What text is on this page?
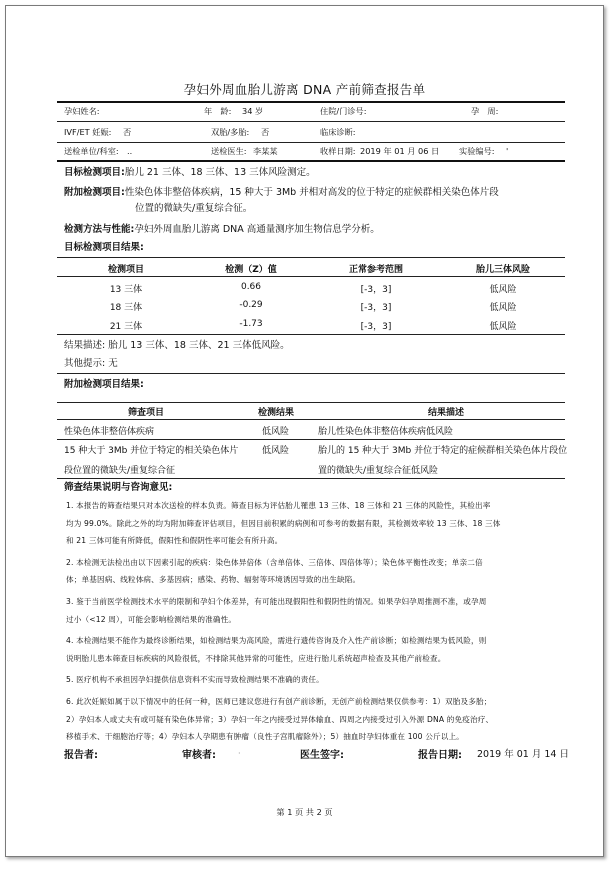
孕妇外周血胎儿游离 DNA 产前筛查报告单
孕妇姓名:	年　龄: 34 岁	住院/门诊号:	孕　周:
IVF/ET 妊娠: 否	双胎/多胎: 否	临床诊断:
送检单位/科室: ..	送检医生: 李某某	收样日期: 2019 年 01 月 06 日 实验编号: '
目标检测项目:胎儿 21 三体、18 三体、13 三体风险测定。
附加检测项目:性染色体非整倍体疾病，15 种大于 3Mb 并相对高发的位于特定的症候群相关染色体片段
位置的微缺失/重复综合征。
检测方法与性能:孕妇外周血胎儿游离 DNA 高通量测序加生物信息学分析。
目标检测项目结果:
检测项目	检测（Z）值	正常参考范围	胎儿三体风险
13 三体	0.66	[-3，3]	低风险
18 三体	-0.29	[-3，3]	低风险
21 三体	-1.73	[-3，3]	低风险
结果描述: 胎儿 13 三体、18 三体、21 三体低风险。
其他提示: 无
附加检测项目结果:
筛查项目	检测结果	结果描述
性染色体非整倍体疾病	低风险	胎儿性染色体非整倍体疾病低风险
15 种大于 3Mb 并位于特定的相关染色体片
段位置的微缺失/重复综合征
低风险	胎儿的 15 种大于 3Mb 并位于特定的症候群相关染色体片段位
置的微缺失/重复综合征低风险
筛查结果说明与咨询意见:

1. 本报告的筛查结果只对本次送检的样本负责。筛查目标为评估胎儿罹患 13 三体、18 三体和 21 三体的风险性，其检出率

均为 99.0%。除此之外的均为附加筛查评估项目，但因目前积累的病例和可参考的数据有限，其检测效率较 13 三体、18 三体

和 21 三体可能有所降低，假阳性和假阴性率可能会有所升高。

2. 本检测无法检出由以下因素引起的疾病：染色体异倍体（含单倍体、三倍体、四倍体等）；染色体平衡性改变；单亲二倍

体；单基因病、线粒体病、多基因病；感染、药物、辐射等环境诱因导致的出生缺陷。

3. 鉴于当前医学检测技术水平的限制和孕妇个体差异，有可能出现假阳性和假阴性的情况。如果孕妇孕周推测不准，或孕周

过小（<12 周），可能会影响检测结果的准确性。

4. 本检测结果不能作为最终诊断结果，如检测结果为高风险，需进行遗传咨询及介入性产前诊断；如检测结果为低风险，则

说明胎儿患本筛查目标疾病的风险很低，不排除其他异常的可能性，应进行胎儿系统超声检查及其他产前检查。

5. 医疗机构不承担因孕妇提供信息资料不实而导致检测结果不准确的责任。

6. 此次妊娠如属于以下情况中的任何一种，医师已建议您进行有创产前诊断，无创产前检测结果仅供参考：1）双胎及多胎；

2）孕妇本人或丈夫有或可疑有染色体异常；3）孕妇一年之内接受过异体输血、四周之内接受过引入外源 DNA 的免疫治疗、

移植手术、干细胞治疗等；4）孕妇本人孕期患有肿瘤（良性子宫肌瘤除外）；5）抽血时孕妇体重在 100 公斤以上。

报告者:	审核者:	·	医生签字:	报告日期: 2019 年 01 月 14 日
第 1 页 共 2 页
